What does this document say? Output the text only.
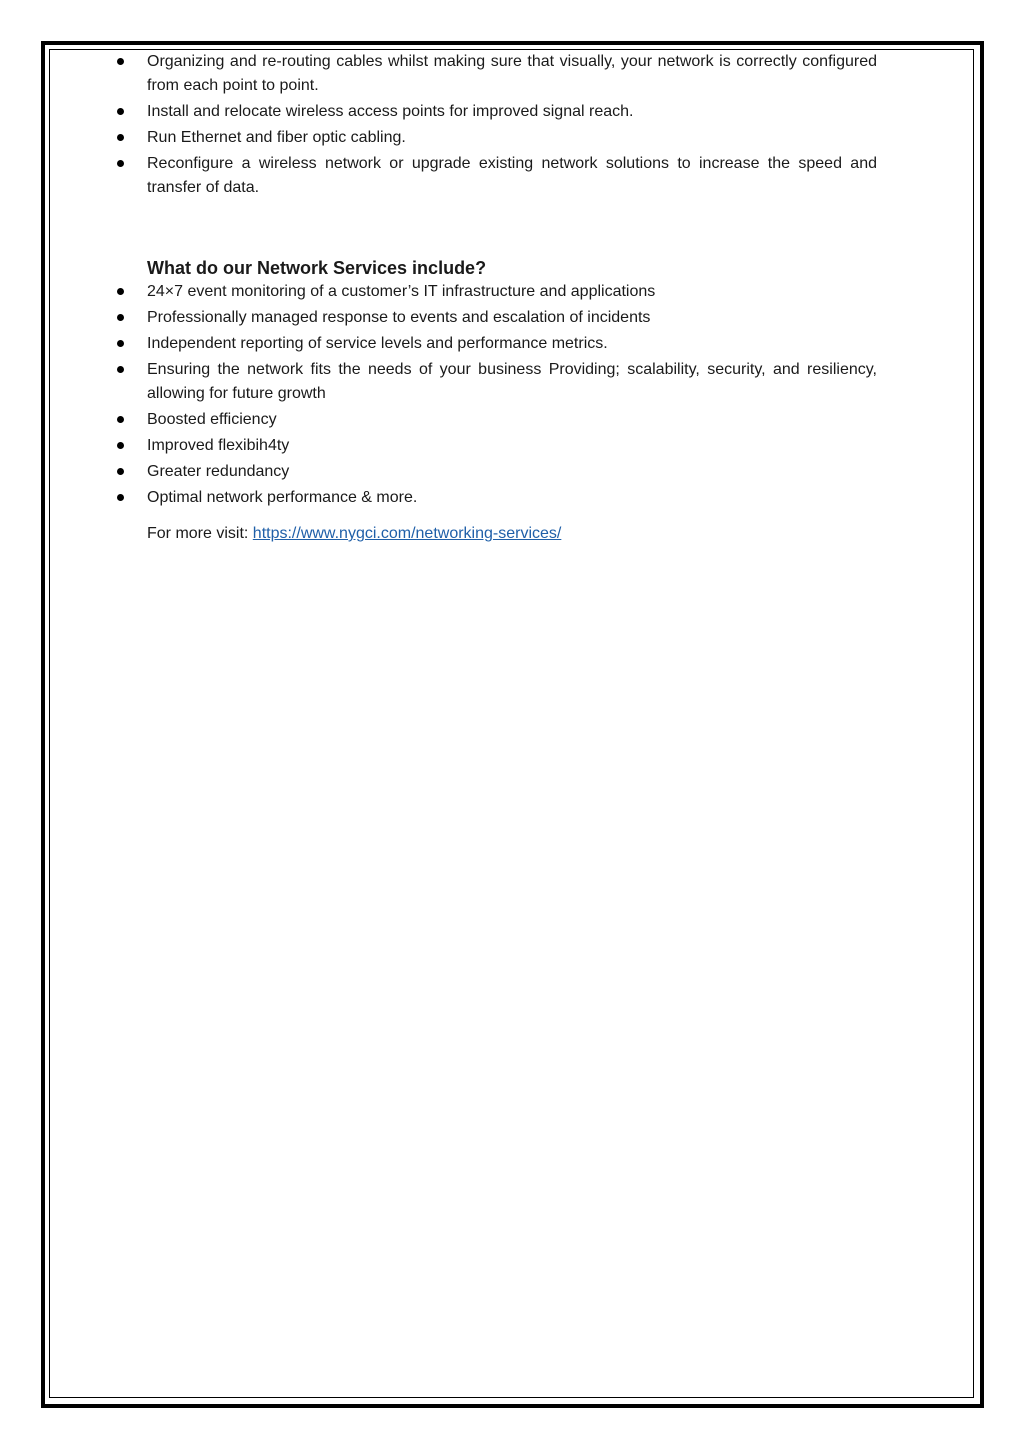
Organizing and re-routing cables whilst making sure that visually, your network is correctly configured from each point to point.
Install and relocate wireless access points for improved signal reach.
Run Ethernet and fiber optic cabling.
Reconfigure a wireless network or upgrade existing network solutions to increase the speed and transfer of data.
What do our Network Services include?
24×7 event monitoring of a customer’s IT infrastructure and applications
Professionally managed response to events and escalation of incidents
Independent reporting of service levels and performance metrics.
Ensuring the network fits the needs of your business Providing; scalability, security, and resiliency, allowing for future growth
Boosted efficiency
Improved flexibih4ty
Greater redundancy
Optimal network performance & more.
For more visit: https://www.nygci.com/networking-services/
